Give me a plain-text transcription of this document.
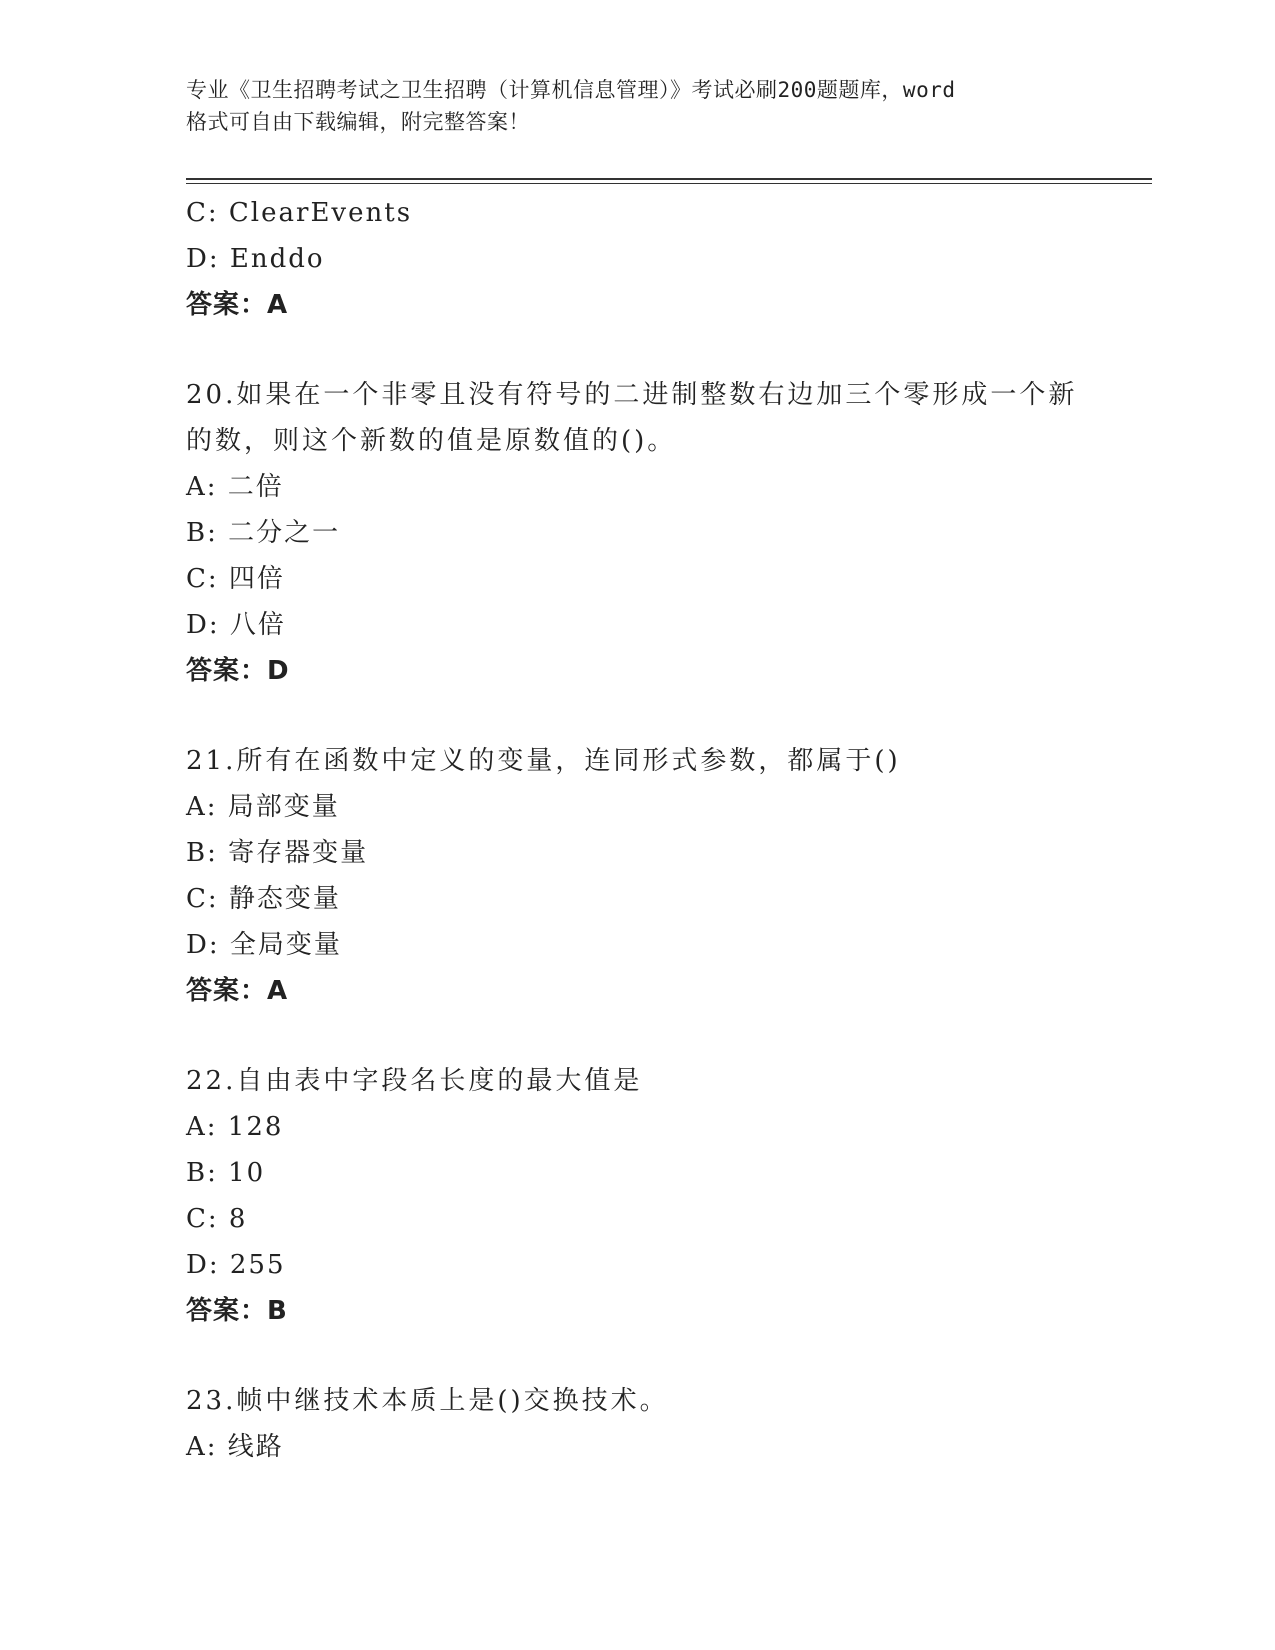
专业《卫生招聘考试之卫生招聘（计算机信息管理）》考试必刷200题题库，word
格式可自由下载编辑，附完整答案！
C: ClearEvents
D: Enddo
答案：A
20.如果在一个非零且没有符号的二进制整数右边加三个零形成一个新
的数，则这个新数的值是原数值的()。
A: 二倍
B: 二分之一
C: 四倍
D: 八倍
答案：D
21.所有在函数中定义的变量，连同形式参数，都属于()
A: 局部变量
B: 寄存器变量
C: 静态变量
D: 全局变量
答案：A
22.自由表中字段名长度的最大值是
A: 128
B: 10
C: 8
D: 255
答案：B
23.帧中继技术本质上是()交换技术。
A: 线路
